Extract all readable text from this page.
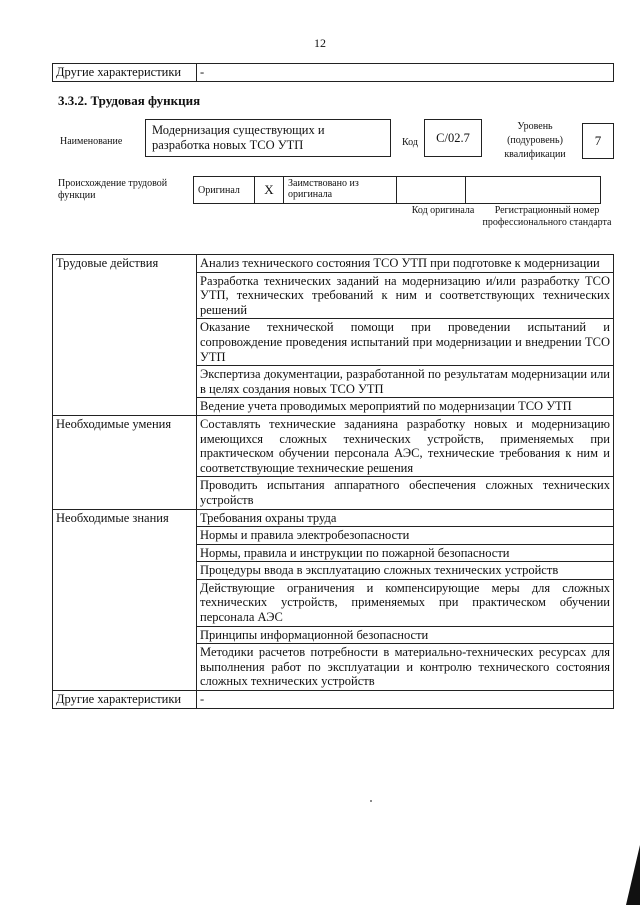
12
Другие характеристики	-
3.3.2. Трудовая функция
Наименование
Модернизация существующих и разработка новых ТСО УТП	Код	C/02.7
Уровень (подуровень) квалификации
7
Происхождение трудовой функции	Оригинал	X	Заимствовано из оригинала		
Код оригинала	Регистрационный номер профессионального стандарта
Трудовые действия	Анализ технического состояния ТСО УТП при подготовке к модернизации
	Разработка технических заданий на модернизацию и/или разработку ТСО УТП, технических требований к ним и соответствующих технических решений
	Оказание технической помощи при проведении испытаний и сопровождение проведения испытаний при модернизации и внедрении ТСО УТП
	Экспертиза документации, разработанной по результатам модернизации или в целях создания новых ТСО УТП
	Ведение учета проводимых мероприятий по модернизации ТСО УТП
Необходимые умения	Составлять технические заданияна разработку новых и модернизацию имеющихся сложных технических устройств, применяемых при практическом обучении персонала АЭС, технические требования к ним и соответствующие технические решения
	Проводить испытания аппаратного обеспечения сложных технических устройств
Необходимые знания	Требования охраны труда
	Нормы и правила электробезопасности
	Нормы, правила и инструкции по пожарной безопасности
	Процедуры ввода в эксплуатацию сложных технических устройств
	Действующие ограничения и компенсирующие меры для сложных технических устройств, применяемых при практическом обучении персонала АЭС
	Принципы информационной безопасности
	Методики расчетов потребности в материально-технических ресурсах для выполнения работ по эксплуатации и контролю технического состояния сложных технических устройств
Другие характеристики	-
